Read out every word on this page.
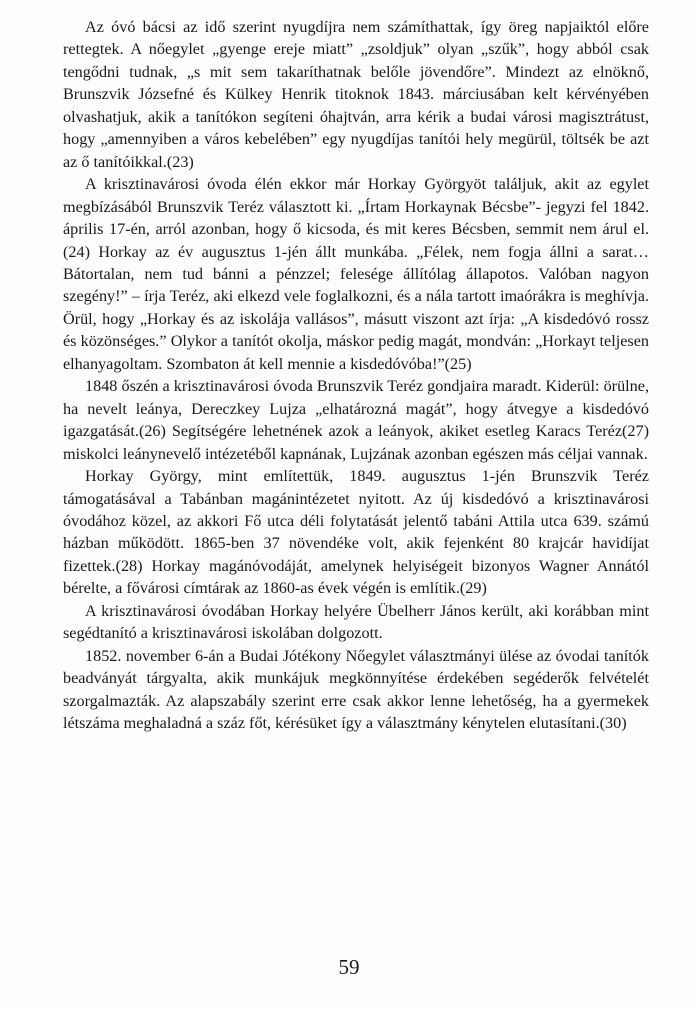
Az óvó bácsi az idő szerint nyugdíjra nem számíthattak, így öreg napjaiktól előre rettegtek. A nőegylet „gyenge ereje miatt” „zsoldjuk” olyan „szűk”, hogy abból csak tengődni tudnak, „s mit sem takaríthatnak belőle jövendőre”. Mindezt az elnöknő, Brunszvik Józsefné és Külkey Henrik titoknok 1843. márciusában kelt kérvényében olvashatjuk, akik a tanítókon segíteni óhajtván, arra kérik a budai városi magisztrátust, hogy „amennyiben a város kebelében” egy nyugdíjas tanítói hely megürül, töltsék be azt az ő tanítóikkal.(23)

A krisztinavárosi óvoda élén ekkor már Horkay Györgyöt találjuk, akit az egylet megbízásából Brunszvik Teréz választott ki. „Írtam Horkaynak Bécsbe”- jegyzi fel 1842. április 17-én, arról azonban, hogy ő kicsoda, és mit keres Bécsben, semmit nem árul el.(24) Horkay az év augusztus 1-jén állt munkába. „Félek, nem fogja állni a sarat… Bátortalan, nem tud bánni a pénzzel; felesége állítólag állapotos. Valóban nagyon szegény!” – írja Teréz, aki elkezd vele foglalkozni, és a nála tartott imaórákra is meghívja. Örül, hogy „Horkay és az iskolája vallásos”, másutt viszont azt írja: „A kisdedóvó rossz és közönséges.” Olykor a tanítót okolja, máskor pedig magát, mondván: „Horkayt teljesen elhanyagoltam. Szombaton át kell mennie a kisdedóvóba!”(25)

1848 őszén a krisztinavárosi óvoda Brunszvik Teréz gondjaira maradt. Kiderül: örülne, ha nevelt leánya, Dereczkey Lujza „elhatározná magát”, hogy átvegye a kisdedóvó igazgatását.(26) Segítségére lehetnének azok a leányok, akiket esetleg Karacs Teréz(27) miskolci leánynevelő intézetéből kapnának, Lujzának azonban egészen más céljai vannak.

Horkay György, mint említettük, 1849. augusztus 1-jén Brunszvik Teréz támogatásával a Tabánban magánintézetet nyitott. Az új kisdedóvó a krisztinavárosi óvodához közel, az akkori Fő utca déli folytatását jelentő tabáni Attila utca 639. számú házban működött. 1865-ben 37 növendéke volt, akik fejenként 80 krajcár havidíjat fizettek.(28) Horkay magánóvodáját, amelynek helyiségeit bizonyos Wagner Annától bérelte, a fővárosi címtárak az 1860-as évek végén is említik.(29)

A krisztinavárosi óvodában Horkay helyére Übelherr János került, aki korábban mint segédtanító a krisztinavárosi iskolában dolgozott.

1852. november 6-án a Budai Jótékony Nőegylet választmányi ülése az óvodai tanítók beadványát tárgyalta, akik munkájuk megkönnyítése érdekében segéderők felvételét szorgalmazták. Az alapszabály szerint erre csak akkor lenne lehetőség, ha a gyermekek létszáma meghaladná a száz főt, kérésüket így a választmány kénytelen elutasítani.(30)

59
